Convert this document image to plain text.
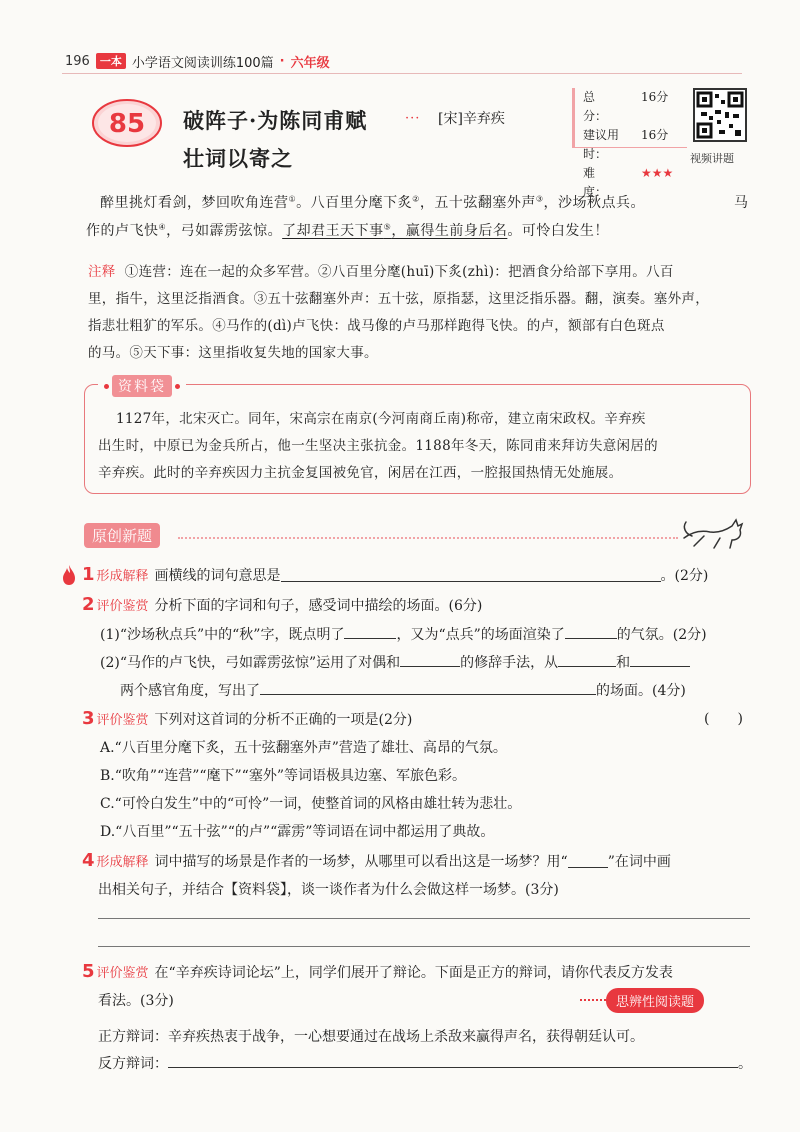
196 一本 小学语文阅读训练100篇 · 六年级
85 破阵子·为陈同甫赋
壮词以寄之
··· [宋]辛弃疾
总　　分：
16分
建议用时：
16分
难　　度：
★★★
视频讲题
醉里挑灯看剑，梦回吹角连营①。八百里分麾下炙②，五十弦翻塞外声③，沙场秋点兵。	马
作的卢飞快④，弓如霹雳弦惊。了却君王天下事⑤，赢得生前身后名。可怜白发生！
注释 ①连营：连在一起的众多军营。②八百里分麾(huī)下炙(zhì)：把酒食分给部下享用。八百
里，指牛，这里泛指酒食。③五十弦翻塞外声：五十弦，原指瑟，这里泛指乐器。翻，演奏。塞外声，
指悲壮粗犷的军乐。④马作的(dì)卢飞快：战马像的卢马那样跑得飞快。的卢，额部有白色斑点
的马。⑤天下事：这里指收复失地的国家大事。
资料袋
1127年，北宋灭亡。同年，宋高宗在南京(今河南商丘南)称帝，建立南宋政权。辛弃疾
出生时，中原已为金兵所占，他一生坚决主张抗金。1188年冬天，陈同甫来拜访失意闲居的
辛弃疾。此时的辛弃疾因力主抗金复国被免官，闲居在江西，一腔报国热情无处施展。
原创新题
1 形成解释 画横线的词句意思是	。(2分)
2 评价鉴赏 分析下面的字词和句子，感受词中描绘的场面。(6分)
(1)“沙场秋点兵”中的“秋”字，既点明了	，又为“点兵”的场面渲染了	的气氛。(2分)
(2)“马作的卢飞快，弓如霹雳弦惊”运用了对偶和	的修辞手法，从	和
两个感官角度，写出了	的场面。(4分)
3 评价鉴赏 下列对这首词的分析不正确的一项是(2分)	(　　)
A.“八百里分麾下炙，五十弦翻塞外声”营造了雄壮、高昂的气氛。
B.“吹角”“连营”“麾下”“塞外”等词语极具边塞、军旅色彩。
C.“可怜白发生”中的“可怜”一词，使整首词的风格由雄壮转为悲壮。
D.“八百里”“五十弦”“的卢”“霹雳”等词语在词中都运用了典故。
4 形成解释 词中描写的场景是作者的一场梦，从哪里可以看出这是一场梦？用“	”在词中画
出相关句子，并结合【资料袋】，谈一谈作者为什么会做这样一场梦。(3分)
5 评价鉴赏 在“辛弃疾诗词论坛”上，同学们展开了辩论。下面是正方的辩词，请你代表反方发表
看法。(3分)	思辨性阅读题
正方辩词：辛弃疾热衷于战争，一心想要通过在战场上杀敌来赢得声名，获得朝廷认可。
反方辩词：	。
